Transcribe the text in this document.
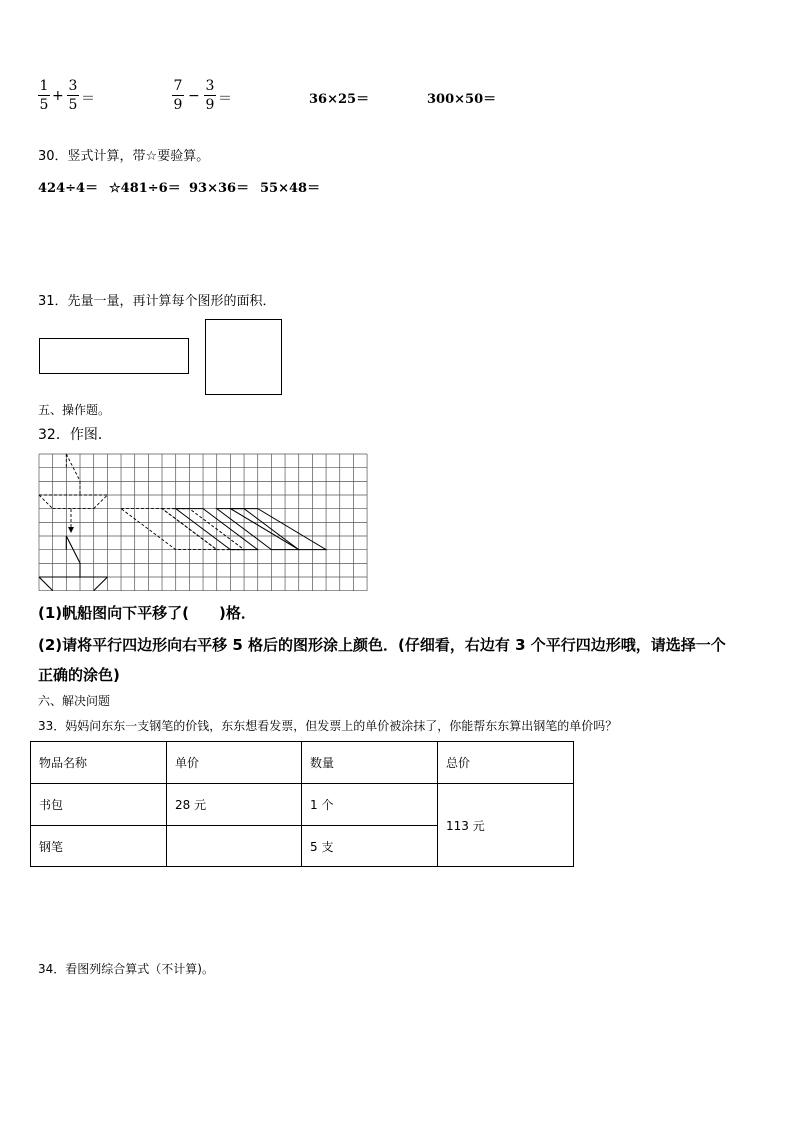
1
5
+
3
5 ＝
7
9
−
3
9 ＝	36×25＝	300×50＝
30．竖式计算，带☆要验算。
424÷4＝ ☆481÷6＝ 93×36＝ 55×48＝
31．先量一量，再计算每个图形的面积．
五、操作题。
32．作图．
(1)帆船图向下平移了(　　)格．
(2)请将平行四边形向右平移 5 格后的图形涂上颜色．(仔细看，右边有 3 个平行四边形哦，请选择一个
正确的涂色)
六、解决问题
33．妈妈问东东一支钢笔的价钱，东东想看发票，但发票上的单价被涂抹了，你能帮东东算出钢笔的单价吗？
物品名称	单价	数量	总价
书包	28 元	1 个	113 元
钢笔		5 支	
34．看图列综合算式（不计算)。
